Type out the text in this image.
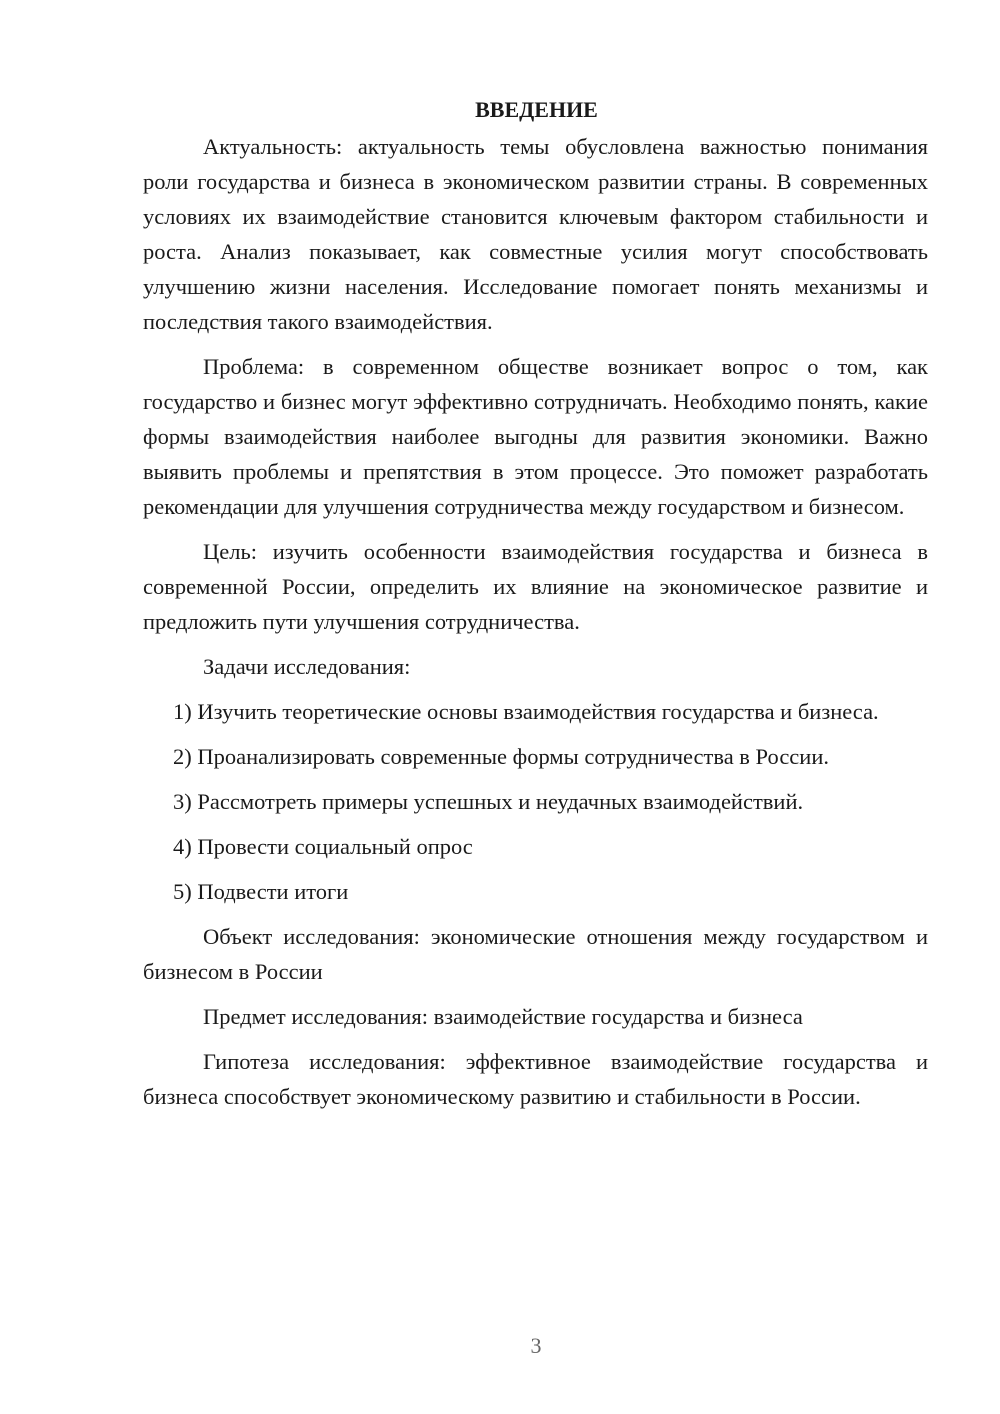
ВВЕДЕНИЕ

Актуальность: актуальность темы обусловлена важностью понимания роли государства и бизнеса в экономическом развитии страны. В современных условиях их взаимодействие становится ключевым фактором стабильности и роста. Анализ показывает, как совместные усилия могут способствовать улучшению жизни населения. Исследование помогает понять механизмы и последствия такого взаимодействия.

Проблема: в современном обществе возникает вопрос о том, как государство и бизнес могут эффективно сотрудничать. Необходимо понять, какие формы взаимодействия наиболее выгодны для развития экономики. Важно выявить проблемы и препятствия в этом процессе. Это поможет разработать рекомендации для улучшения сотрудничества между государством и бизнесом.

Цель: изучить особенности взаимодействия государства и бизнеса в современной России, определить их влияние на экономическое развитие и предложить пути улучшения сотрудничества.

Задачи исследования:

1) Изучить теоретические основы взаимодействия государства и бизнеса.

2) Проанализировать современные формы сотрудничества в России.

3) Рассмотреть примеры успешных и неудачных взаимодействий.

4) Провести социальный опрос

5) Подвести итоги

Объект исследования: экономические отношения между государством и бизнесом в России

Предмет исследования: взаимодействие государства и бизнеса

Гипотеза исследования: эффективное взаимодействие государства и бизнеса способствует экономическому развитию и стабильности в России.

3
